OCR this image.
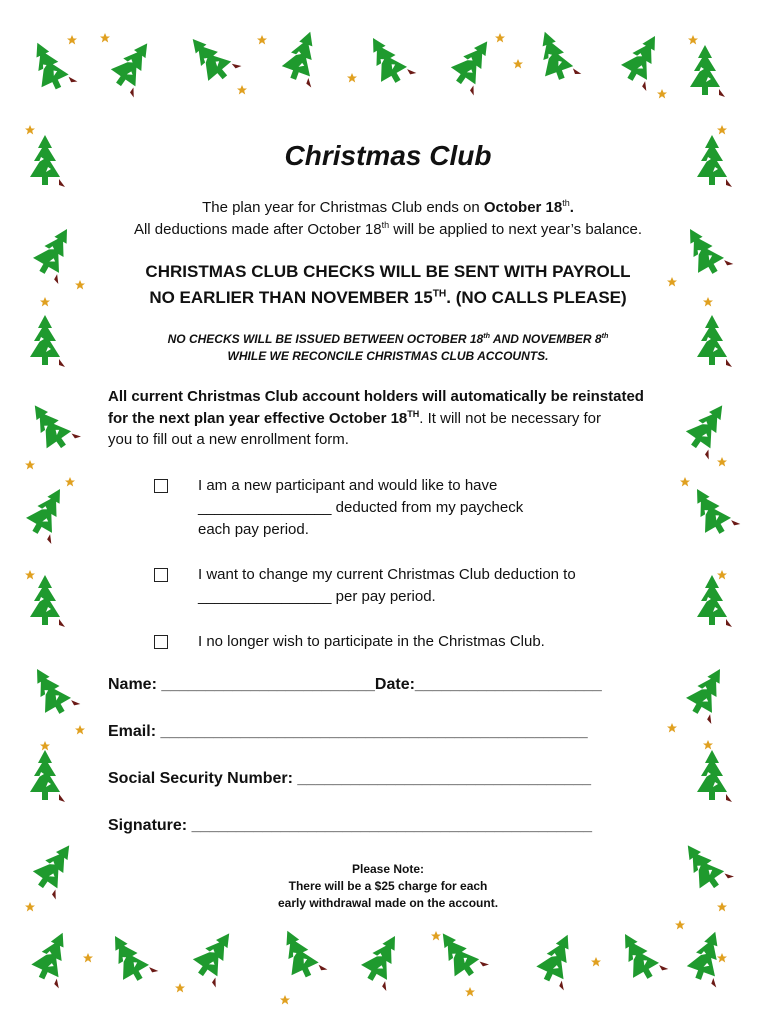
Christmas Club

The plan year for Christmas Club ends on October 18th.

All deductions made after October 18th will be applied to next year’s balance.

CHRISTMAS CLUB CHECKS WILL BE SENT WITH PAYROLL

NO EARLIER THAN NOVEMBER 15TH. (NO CALLS PLEASE)

NO CHECKS WILL BE ISSUED BETWEEN OCTOBER 18th AND NOVEMBER 8th

WHILE WE RECONCILE CHRISTMAS CLUB ACCOUNTS.

All current Christmas Club account holders will automatically be reinstated

for the next plan year effective October 18TH. It will not be necessary for

you to fill out a new enrollment form.

I am a new participant and would like to have

________________ deducted from my paycheck

each pay period.

I want to change my current Christmas Club deduction to

________________ per pay period.

I no longer wish to participate in the Christmas Club.

Name: ________________________Date:_____________________

Email: ________________________________________________

Social Security Number: _________________________________

Signature: _____________________________________________

Please Note:

There will be a $25 charge for each

early withdrawal made on the account.
